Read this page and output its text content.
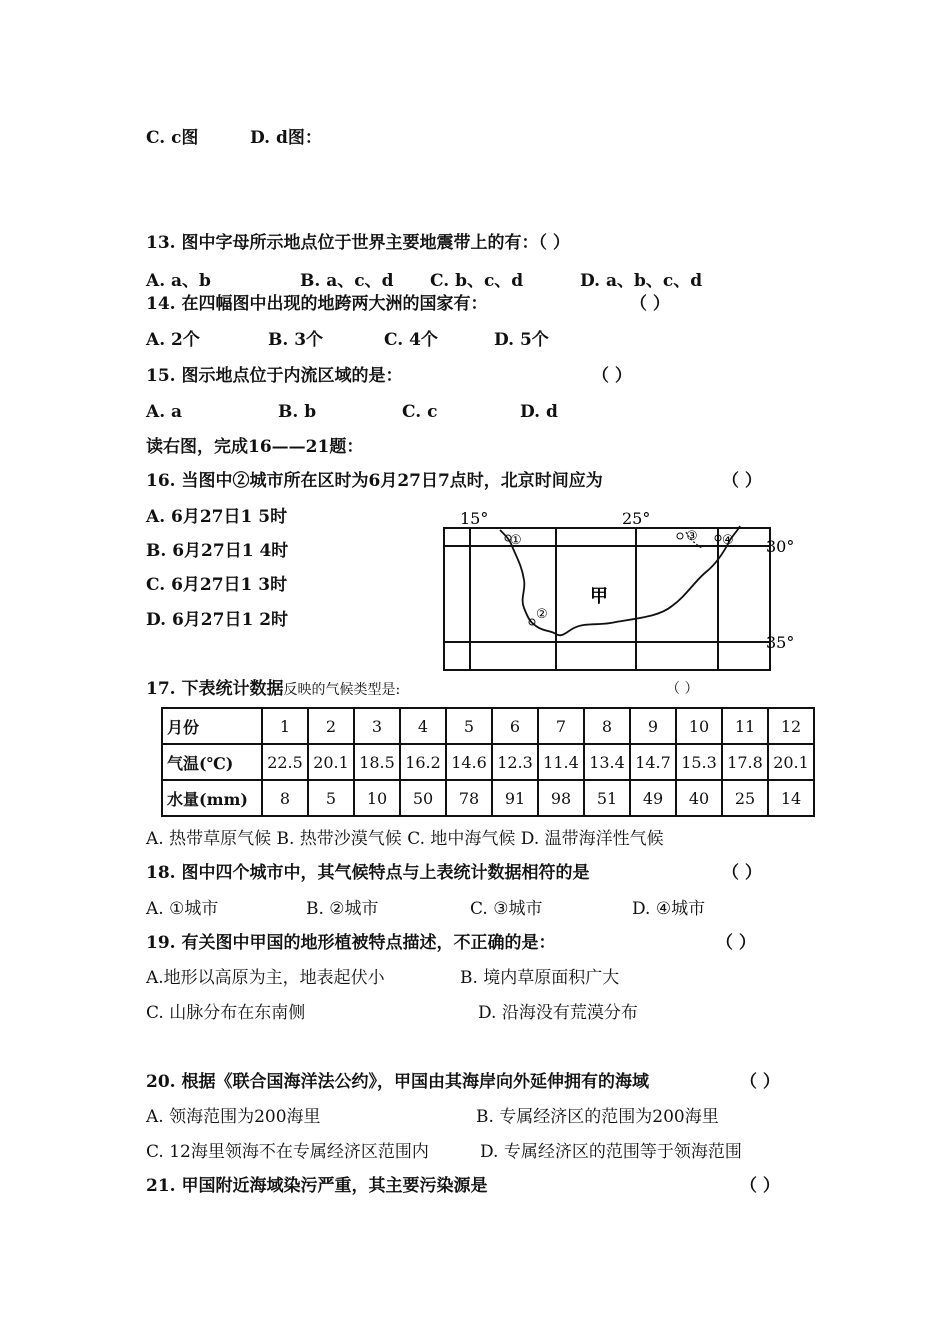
C. c图	D. d图：
13. 图中字母所示地点位于世界主要地震带上的有：（ ）
A. a、b	B. a、c、d C. b、c、d	D. a、b、c、d
14. 在四幅图中出现的地跨两大洲的国家有：	（ ）
A. 2个	B. 3个	C. 4个	D. 5个
15. 图示地点位于内流区域的是：	（ ）
A. a	B. b	C. c	D. d
读右图，完成16——21题：
16. 当图中②城市所在区时为6月27日7点时，北京时间应为	（ ）
A. 6月27日1 5时
B. 6月27日1 4时
C. 6月27日1 3时
D. 6月27日1 2时
15°	25°
30°
35°
甲
①
②
③ ④
17. 下表统计数据反映的气候类型是:	（ ）
月份	1	2	3	4	5	6	7	8	9	10	11	12
气温(℃)	22.5	20.1	18.5	16.2	14.6	12.3	11.4	13.4	14.7	15.3	17.8	20.1
水量(mm)	8	5	10	50	78	91	98	51	49	40	25	14
A. 热带草原气候 B. 热带沙漠气候 C. 地中海气候 D. 温带海洋性气候
18. 图中四个城市中，其气候特点与上表统计数据相符的是	（ ）
A. ①城市	B. ②城市	C. ③城市	D. ④城市
19. 有关图中甲国的地形植被特点描述，不正确的是：	（ ）
A.地形以高原为主，地表起伏小	B. 境内草原面积广大
C. 山脉分布在东南侧	D. 沿海没有荒漠分布
20. 根据《联合国海洋法公约》，甲国由其海岸向外延伸拥有的海域	（ ）
A. 领海范围为200海里	B. 专属经济区的范围为200海里
C. 12海里领海不在专属经济区范围内	D. 专属经济区的范围等于领海范围
21. 甲国附近海域染污严重，其主要污染源是	（ ）
